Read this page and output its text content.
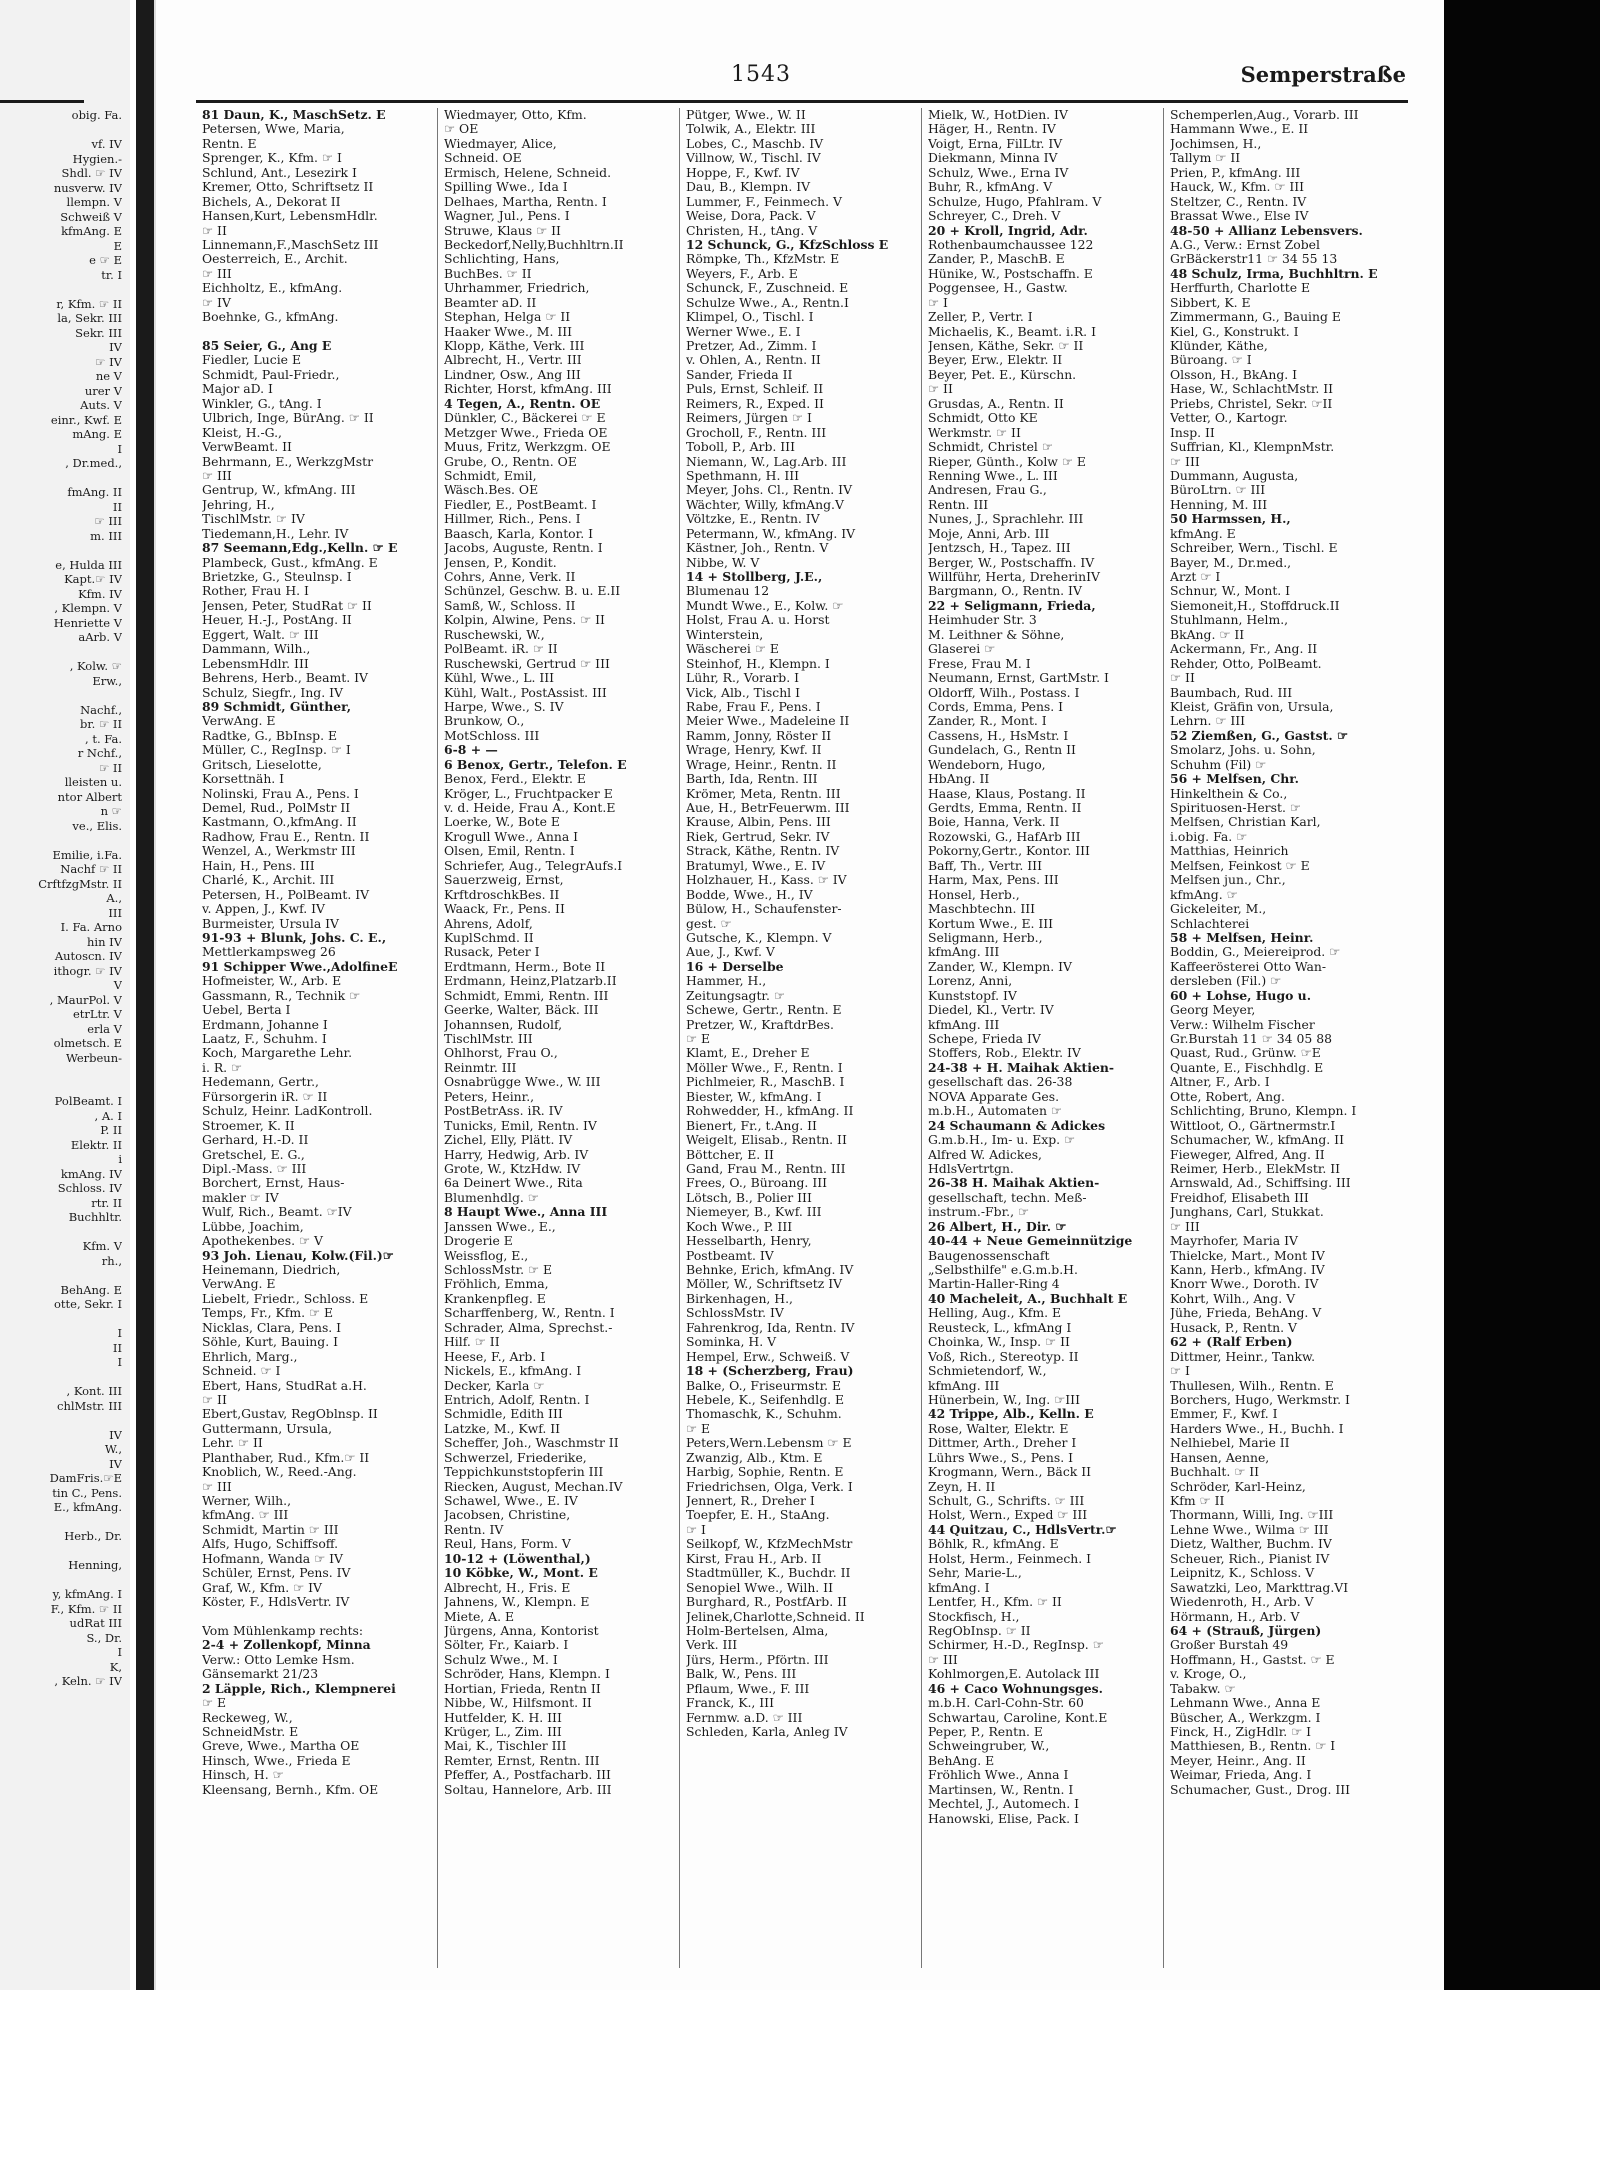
obig. Fa.
vf. IV
Hygien.-
Shdl. ☞ IV
nusverw. IV
llempn. V
Schweiß V
kfmAng. E
E
e ☞ E
tr. I
r, Kfm. ☞ II
la, Sekr. III
Sekr. III
IV
☞ IV
ne V
urer V
Auts. V
einr., Kwf. E
mAng. E
I
, Dr.med.,
fmAng. II
II
☞ III
m. III
e, Hulda III
Kapt.☞ IV
Kfm. IV
, Klempn. V
Henriette V
aArb. V
, Kolw. ☞
Erw.,
Nachf.,
br. ☞ II
, t. Fa.
r Nchf.,
☞ II
lleisten u.
ntor Albert
n ☞
ve., Elis.
Emilie, i.Fa.
Nachf ☞ II
CrftfzgMstr. II
A.,
III
I. Fa. Arno
hin IV
Autoscn. IV
ithogr. ☞ IV
V
, MaurPol. V
etrLtr. V
erla V
olmetsch. E
Werbeun-
PolBeamt. I
, A. I
P. II
Elektr. II
i
kmAng. IV
Schloss. IV
rtr. II
Buchhltr.
Kfm. V
rh.,
BehAng. E
otte, Sekr. I
I
II
I
, Kont. III
chlMstr. III
IV
W.,
IV
DamFris.☞E
tin C., Pens.
E., kfmAng.
Herb., Dr.
Henning,
y, kfmAng. I
F., Kfm. ☞ II
udRat III
S., Dr.
I
K,
, Keln. ☞ IV
1543	Semperstraße
81 Daun, K., MaschSetz. E
Petersen, Wwe, Maria,
Rentn. E
Sprenger, K., Kfm. ☞ I
Schlund, Ant., Lesezirk I
Kremer, Otto, Schriftsetz II
Bichels, A., Dekorat II
Hansen,Kurt, LebensmHdlr.
☞ II
Linnemann,F.,MaschSetz III
Oesterreich, E., Archit.
☞ III
Eichholtz, E., kfmAng.
☞ IV
Boehnke, G., kfmAng.
85 Seier, G., Ang E
Fiedler, Lucie E
Schmidt, Paul-Friedr.,
Major aD. I
Winkler, G., tAng. I
Ulbrich, Inge, BürAng. ☞ II
Kleist, H.-G.,
VerwBeamt. II
Behrmann, E., WerkzgMstr
☞ III
Gentrup, W., kfmAng. III
Jehring, H.,
TischlMstr. ☞ IV
Tiedemann,H., Lehr. IV
87 Seemann,Edg.,Kelln. ☞ E
Plambeck, Gust., kfmAng. E
Brietzke, G., Steulnsp. I
Rother, Frau H. I
Jensen, Peter, StudRat ☞ II
Heuer, H.-J., PostAng. II
Eggert, Walt. ☞ III
Dammann, Wilh.,
LebensmHdlr. III
Behrens, Herb., Beamt. IV
Schulz, Siegfr., Ing. IV
89 Schmidt, Günther,
VerwAng. E
Radtke, G., BbInsp. E
Müller, C., RegInsp. ☞ I
Gritsch, Lieselotte,
Korsettnäh. I
Nolinski, Frau A., Pens. I
Demel, Rud., PolMstr II
Kastmann, O.,kfmAng. II
Radhow, Frau E., Rentn. II
Wenzel, A., Werkmstr III
Hain, H., Pens. III
Charlé, K., Archit. III
Petersen, H., PolBeamt. IV
v. Appen, J., Kwf. IV
Burmeister, Ursula IV
91-93 + Blunk, Johs. C. E.,
Mettlerkampsweg 26
91 Schipper Wwe.,AdolfineE
Hofmeister, W., Arb. E
Gassmann, R., Technik ☞
Uebel, Berta I
Erdmann, Johanne I
Laatz, F., Schuhm. I
Koch, Margarethe Lehr.
i. R. ☞
Hedemann, Gertr.,
Fürsorgerin iR. ☞ II
Schulz, Heinr. LadKontroll.
Stroemer, K. II
Gerhard, H.-D. II
Gretschel, E. G.,
Dipl.-Mass. ☞ III
Borchert, Ernst, Haus-
makler ☞ IV
Wulf, Rich., Beamt. ☞IV
Lübbe, Joachim,
Apothekenbes. ☞ V
93 Joh. Lienau, Kolw.(Fil.)☞
Heinemann, Diedrich,
VerwAng. E
Liebelt, Friedr., Schloss. E
Temps, Fr., Kfm. ☞ E
Nicklas, Clara, Pens. I
Söhle, Kurt, Bauing. I
Ehrlich, Marg.,
Schneid. ☞ I
Ebert, Hans, StudRat a.H.
☞ II
Ebert,Gustav, RegOblnsp. II
Guttermann, Ursula,
Lehr. ☞ II
Planthaber, Rud., Kfm.☞ II
Knoblich, W., Reed.-Ang.
☞ III
Werner, Wilh.,
kfmAng. ☞ III
Schmidt, Martin ☞ III
Alfs, Hugo, Schiffsoff.
Hofmann, Wanda ☞ IV
Schüler, Ernst, Pens. IV
Graf, W., Kfm. ☞ IV
Köster, F., HdlsVertr. IV
Vom Mühlenkamp rechts:
2-4 + Zollenkopf, Minna
Verw.: Otto Lemke Hsm.
Gänsemarkt 21/23
2 Läpple, Rich., Klempnerei
☞ E
Reckeweg, W.,
SchneidMstr. E
Greve, Wwe., Martha OE
Hinsch, Wwe., Frieda E
Hinsch, H. ☞
Kleensang, Bernh., Kfm. OE
Wiedmayer, Otto, Kfm.
☞ OE
Wiedmayer, Alice,
Schneid. OE
Ermisch, Helene, Schneid.
Spilling Wwe., Ida I
Delhaes, Martha, Rentn. I
Wagner, Jul., Pens. I
Struwe, Klaus ☞ II
Beckedorf,Nelly,Buchhltrn.II
Schlichting, Hans,
BuchBes. ☞ II
Uhrhammer, Friedrich,
Beamter aD. II
Stephan, Helga ☞ II
Haaker Wwe., M. III
Klopp, Käthe, Verk. III
Albrecht, H., Vertr. III
Lindner, Osw., Ang III
Richter, Horst, kfmAng. III
4 Tegen, A., Rentn. OE
Dünkler, C., Bäckerei ☞ E
Metzger Wwe., Frieda OE
Muus, Fritz, Werkzgm. OE
Grube, O., Rentn. OE
Schmidt, Emil,
Wäsch.Bes. OE
Fiedler, E., PostBeamt. I
Hillmer, Rich., Pens. I
Baasch, Karla, Kontor. I
Jacobs, Auguste, Rentn. I
Jensen, P., Kondit.
Cohrs, Anne, Verk. II
Schünzel, Geschw. B. u. E.II
Samß, W., Schloss. II
Kolpin, Alwine, Pens. ☞ II
Ruschewski, W.,
PolBeamt. iR. ☞ II
Ruschewski, Gertrud ☞ III
Kühl, Wwe., L. III
Kühl, Walt., PostAssist. III
Harpe, Wwe., S. IV
Brunkow, O.,
MotSchloss. III
6-8 + —
6 Benox, Gertr., Telefon. E
Benox, Ferd., Elektr. E
Kröger, L., Fruchtpacker E
v. d. Heide, Frau A., Kont.E
Loerke, W., Bote E
Krogull Wwe., Anna I
Olsen, Emil, Rentn. I
Schriefer, Aug., TelegrAufs.I
Sauerzweig, Ernst,
KrftdroschkBes. II
Waack, Fr., Pens. II
Ahrens, Adolf,
KuplSchmd. II
Rusack, Peter I
Erdtmann, Herm., Bote II
Erdmann, Heinz,Platzarb.II
Schmidt, Emmi, Rentn. III
Geerke, Walter, Bäck. III
Johannsen, Rudolf,
TischlMstr. III
Ohlhorst, Frau O.,
Reinmtr. III
Osnabrügge Wwe., W. III
Peters, Heinr.,
PostBetrAss. iR. IV
Tunicks, Emil, Rentn. IV
Zichel, Elly, Plätt. IV
Harry, Hedwig, Arb. IV
Grote, W., KtzHdw. IV
6a Deinert Wwe., Rita
Blumenhdlg. ☞
8 Haupt Wwe., Anna III
Janssen Wwe., E.,
Drogerie E
Weissflog, E.,
SchlossMstr. ☞ E
Fröhlich, Emma,
Krankenpfleg. E
Scharffenberg, W., Rentn. I
Schrader, Alma, Sprechst.-
Hilf. ☞ II
Heese, F., Arb. I
Nickels, E., kfmAng. I
Decker, Karla ☞
Entrich, Adolf, Rentn. I
Schmidle, Edith III
Latzke, M., Kwf. II
Scheffer, Joh., Waschmstr II
Schwerzel, Friederike,
Teppichkunststopferin III
Riecken, August, Mechan.IV
Schawel, Wwe., E. IV
Jacobsen, Christine,
Rentn. IV
Reul, Hans, Form. V
10-12 + (Löwenthal,)
10 Köbke, W., Mont. E
Albrecht, H., Fris. E
Jahnens, W., Klempn. E
Miete, A. E
Jürgens, Anna, Kontorist
Sölter, Fr., Kaiarb. I
Schulz Wwe., M. I
Schröder, Hans, Klempn. I
Hortian, Frieda, Rentn II
Nibbe, W., Hilfsmont. II
Hutfelder, K. H. III
Krüger, L., Zim. III
Mai, K., Tischler III
Remter, Ernst, Rentn. III
Pfeffer, A., Postfacharb. III
Soltau, Hannelore, Arb. III
Pütger, Wwe., W. II
Tolwik, A., Elektr. III
Lobes, C., Maschb. IV
Villnow, W., Tischl. IV
Hoppe, F., Kwf. IV
Dau, B., Klempn. IV
Lummer, F., Feinmech. V
Weise, Dora, Pack. V
Christen, H., tAng. V
12 Schunck, G., KfzSchloss E
Römpke, Th., KfzMstr. E
Weyers, F., Arb. E
Schunck, F., Zuschneid. E
Schulze Wwe., A., Rentn.I
Klimpel, O., Tischl. I
Werner Wwe., E. I
Pretzer, Ad., Zimm. I
v. Ohlen, A., Rentn. II
Sander, Frieda II
Puls, Ernst, Schleif. II
Reimers, R., Exped. II
Reimers, Jürgen ☞ I
Grocholl, F., Rentn. III
Toboll, P., Arb. III
Niemann, W., Lag.Arb. III
Spethmann, H. III
Meyer, Johs. Cl., Rentn. IV
Wächter, Willy, kfmAng.V
Völtzke, E., Rentn. IV
Petermann, W., kfmAng. IV
Kästner, Joh., Rentn. V
Nibbe, W. V
14 + Stollberg, J.E.,
Blumenau 12
Mundt Wwe., E., Kolw. ☞
Holst, Frau A. u. Horst
Winterstein,
Wäscherei ☞ E
Steinhof, H., Klempn. I
Lühr, R., Vorarb. I
Vick, Alb., Tischl I
Rabe, Frau F., Pens. I
Meier Wwe., Madeleine II
Ramm, Jonny, Röster II
Wrage, Henry, Kwf. II
Wrage, Heinr., Rentn. II
Barth, Ida, Rentn. III
Krömer, Meta, Rentn. III
Aue, H., BetrFeuerwm. III
Krause, Albin, Pens. III
Riek, Gertrud, Sekr. IV
Strack, Käthe, Rentn. IV
Bratumyl, Wwe., E. IV
Holzhauer, H., Kass. ☞ IV
Bodde, Wwe., H., IV
Bülow, H., Schaufenster-
gest. ☞
Gutsche, K., Klempn. V
Aue, J., Kwf. V
16 + Derselbe
Hammer, H.,
Zeitungsagtr. ☞
Schewe, Gertr., Rentn. E
Pretzer, W., KraftdrBes.
☞ E
Klamt, E., Dreher E
Möller Wwe., F., Rentn. I
Pichlmeier, R., MaschB. I
Biester, W., kfmAng. I
Rohwedder, H., kfmAng. II
Bienert, Fr., t.Ang. II
Weigelt, Elisab., Rentn. II
Böttcher, E. II
Gand, Frau M., Rentn. III
Frees, O., Büroang. III
Lötsch, B., Polier III
Niemeyer, B., Kwf. III
Koch Wwe., P. III
Hesselbarth, Henry,
Postbeamt. IV
Behnke, Erich, kfmAng. IV
Möller, W., Schriftsetz IV
Birkenhagen, H.,
SchlossMstr. IV
Fahrenkrog, Ida, Rentn. IV
Sominka, H. V
Hempel, Erw., Schweiß. V
18 + (Scherzberg, Frau)
Balke, O., Friseurmstr. E
Hebele, K., Seifenhdlg. E
Thomaschk, K., Schuhm.
☞ E
Peters,Wern.Lebensm ☞ E
Zwanzig, Alb., Ktm. E
Harbig, Sophie, Rentn. E
Friedrichsen, Olga, Verk. I
Jennert, R., Dreher I
Toepfer, E. H., StaAng.
☞ I
Seilkopf, W., KfzMechMstr
Kirst, Frau H., Arb. II
Stadtmüller, K., Buchdr. II
Senopiel Wwe., Wilh. II
Burghard, R., PostfArb. II
Jelinek,Charlotte,Schneid. II
Holm-Bertelsen, Alma,
Verk. III
Jürs, Herm., Pförtn. III
Balk, W., Pens. III
Pflaum, Wwe., F. III
Franck, K., III
Fernmw. a.D. ☞ III
Schleden, Karla, Anleg IV
Mielk, W., HotDien. IV
Häger, H., Rentn. IV
Voigt, Erna, FilLtr. IV
Diekmann, Minna IV
Schulz, Wwe., Erna IV
Buhr, R., kfmAng. V
Schulze, Hugo, Pfahlram. V
Schreyer, C., Dreh. V
20 + Kroll, Ingrid, Adr.
Rothenbaumchaussee 122
Zander, P., MaschB. E
Hünike, W., Postschaffn. E
Poggensee, H., Gastw.
☞ I
Zeller, P., Vertr. I
Michaelis, K., Beamt. i.R. I
Jensen, Käthe, Sekr. ☞ II
Beyer, Erw., Elektr. II
Beyer, Pet. E., Kürschn.
☞ II
Grusdas, A., Rentn. II
Schmidt, Otto KE
Werkmstr. ☞ II
Schmidt, Christel ☞
Rieper, Günth., Kolw ☞ E
Renning Wwe., L. III
Andresen, Frau G.,
Rentn. III
Nunes, J., Sprachlehr. III
Moje, Anni, Arb. III
Jentzsch, H., Tapez. III
Berger, W., Postschaffn. IV
Willführ, Herta, DreherinIV
Bargmann, O., Rentn. IV
22 + Seligmann, Frieda,
Heimhuder Str. 3
M. Leithner & Söhne,
Glaserei ☞
Frese, Frau M. I
Neumann, Ernst, GartMstr. I
Oldorff, Wilh., Postass. I
Cords, Emma, Pens. I
Zander, R., Mont. I
Cassens, H., HsMstr. I
Gundelach, G., Rentn II
Wendeborn, Hugo,
HbAng. II
Haase, Klaus, Postang. II
Gerdts, Emma, Rentn. II
Boie, Hanna, Verk. II
Rozowski, G., HafArb III
Pokorny,Gertr., Kontor. III
Baff, Th., Vertr. III
Harm, Max, Pens. III
Honsel, Herb.,
Maschbtechn. III
Kortum Wwe., E. III
Seligmann, Herb.,
kfmAng. III
Zander, W., Klempn. IV
Lorenz, Anni,
Kunststopf. IV
Diedel, Kl., Vertr. IV
kfmAng. III
Schepe, Frieda IV
Stoffers, Rob., Elektr. IV
24-38 + H. Maihak Aktien-
gesellschaft das. 26-38
NOVA Apparate Ges.
m.b.H., Automaten ☞
24 Schaumann & Adickes
G.m.b.H., Im- u. Exp. ☞
Alfred W. Adickes,
HdlsVertrtgn.
26-38 H. Maihak Aktien-
gesellschaft, techn. Meß-
instrum.-Fbr., ☞
26 Albert, H., Dir. ☞
40-44 + Neue Gemeinnützige
Baugenossenschaft
„Selbsthilfe" e.G.m.b.H.
Martin-Haller-Ring 4
40 Macheleit, A., Buchhalt E
Helling, Aug., Kfm. E
Reusteck, L., kfmAng I
Choinka, W., Insp. ☞ II
Voß, Rich., Stereotyp. II
Schmietendorf, W.,
kfmAng. III
Hünerbein, W., Ing. ☞III
42 Trippe, Alb., Kelln. E
Rose, Walter, Elektr. E
Dittmer, Arth., Dreher I
Lührs Wwe., S., Pens. I
Krogmann, Wern., Bäck II
Zeyn, H. II
Schult, G., Schrifts. ☞ III
Holst, Wern., Exped ☞ III
44 Quitzau, C., HdlsVertr.☞
Böhlk, R., kfmAng. E
Holst, Herm., Feinmech. I
Sehr, Marie-L.,
kfmAng. I
Lentfer, H., Kfm. ☞ II
Stockfisch, H.,
RegObInsp. ☞ II
Schirmer, H.-D., RegInsp. ☞
☞ III
Kohlmorgen,E. Autolack III
46 + Caco Wohnungsges.
m.b.H. Carl-Cohn-Str. 60
Schwartau, Caroline, Kont.E
Peper, P., Rentn. E
Schweingruber, W.,
BehAng. E
Fröhlich Wwe., Anna I
Martinsen, W., Rentn. I
Mechtel, J., Automech. I
Hanowski, Elise, Pack. I
Schemperlen,Aug., Vorarb. III
Hammann Wwe., E. II
Jochimsen, H.,
Tallym ☞ II
Prien, P., kfmAng. III
Hauck, W., Kfm. ☞ III
Steltzer, C., Rentn. IV
Brassat Wwe., Else IV
48-50 + Allianz Lebensvers.
A.G., Verw.: Ernst Zobel
GrBäckerstr11 ☞ 34 55 13
48 Schulz, Irma, Buchhltrn. E
Herffurth, Charlotte E
Sibbert, K. E
Zimmermann, G., Bauing E
Kiel, G., Konstrukt. I
Klünder, Käthe,
Büroang. ☞ I
Olsson, H., BkAng. I
Hase, W., SchlachtMstr. II
Priebs, Christel, Sekr. ☞II
Vetter, O., Kartogr.
Insp. II
Suffrian, Kl., KlempnMstr.
☞ III
Dummann, Augusta,
BüroLtrn. ☞ III
Henning, M. III
50 Harmssen, H.,
kfmAng. E
Schreiber, Wern., Tischl. E
Bayer, M., Dr.med.,
Arzt ☞ I
Schnur, W., Mont. I
Siemoneit,H., Stoffdruck.II
Stuhlmann, Helm.,
BkAng. ☞ II
Ackermann, Fr., Ang. II
Rehder, Otto, PolBeamt.
☞ II
Baumbach, Rud. III
Kleist, Gräfin von, Ursula,
Lehrn. ☞ III
52 Ziemßen, G., Gastst. ☞
Smolarz, Johs. u. Sohn,
Schuhm (Fil) ☞
56 + Melfsen, Chr.
Hinkelthein & Co.,
Spirituosen-Herst. ☞
Melfsen, Christian Karl,
i.obig. Fa. ☞
Matthias, Heinrich
Melfsen, Feinkost ☞ E
Melfsen jun., Chr.,
kfmAng. ☞
Gickeleiter, M.,
Schlachterei
58 + Melfsen, Heinr.
Boddin, G., Meiereiprod. ☞
Kaffeerösterei Otto Wan-
dersleben (Fil.) ☞
60 + Lohse, Hugo u.
Georg Meyer,
Verw.: Wilhelm Fischer
Gr.Burstah 11 ☞ 34 05 88
Quast, Rud., Grünw. ☞E
Quante, E., Fischhdlg. E
Altner, F., Arb. I
Otte, Robert, Ang.
Schlichting, Bruno, Klempn. I
Wittloot, O., Gärtnermstr.I
Schumacher, W., kfmAng. II
Fieweger, Alfred, Ang. II
Reimer, Herb., ElekMstr. II
Arnswald, Ad., Schiffsing. III
Freidhof, Elisabeth III
Junghans, Carl, Stukkat.
☞ III
Mayrhofer, Maria IV
Thielcke, Mart., Mont IV
Kann, Herb., kfmAng. IV
Knorr Wwe., Doroth. IV
Kohrt, Wilh., Ang. V
Jühe, Frieda, BehAng. V
Husack, P., Rentn. V
62 + (Ralf Erben)
Dittmer, Heinr., Tankw.
☞ I
Thullesen, Wilh., Rentn. E
Borchers, Hugo, Werkmstr. I
Emmer, F., Kwf. I
Harders Wwe., H., Buchh. I
Nelhiebel, Marie II
Hansen, Aenne,
Buchhalt. ☞ II
Schröder, Karl-Heinz,
Kfm ☞ II
Thormann, Willi, Ing. ☞III
Lehne Wwe., Wilma ☞ III
Dietz, Walther, Buchm. IV
Scheuer, Rich., Pianist IV
Leipnitz, K., Schloss. V
Sawatzki, Leo, Markttrag.VI
Wiedenroth, H., Arb. V
Hörmann, H., Arb. V
64 + (Strauß, Jürgen)
Großer Burstah 49
Hoffmann, H., Gastst. ☞ E
v. Kroge, O.,
Tabakw. ☞
Lehmann Wwe., Anna E
Büscher, A., Werkzgm. I
Finck, H., ZigHdlr. ☞ I
Matthiesen, B., Rentn. ☞ I
Meyer, Heinr., Ang. II
Weimar, Frieda, Ang. I
Schumacher, Gust., Drog. III
